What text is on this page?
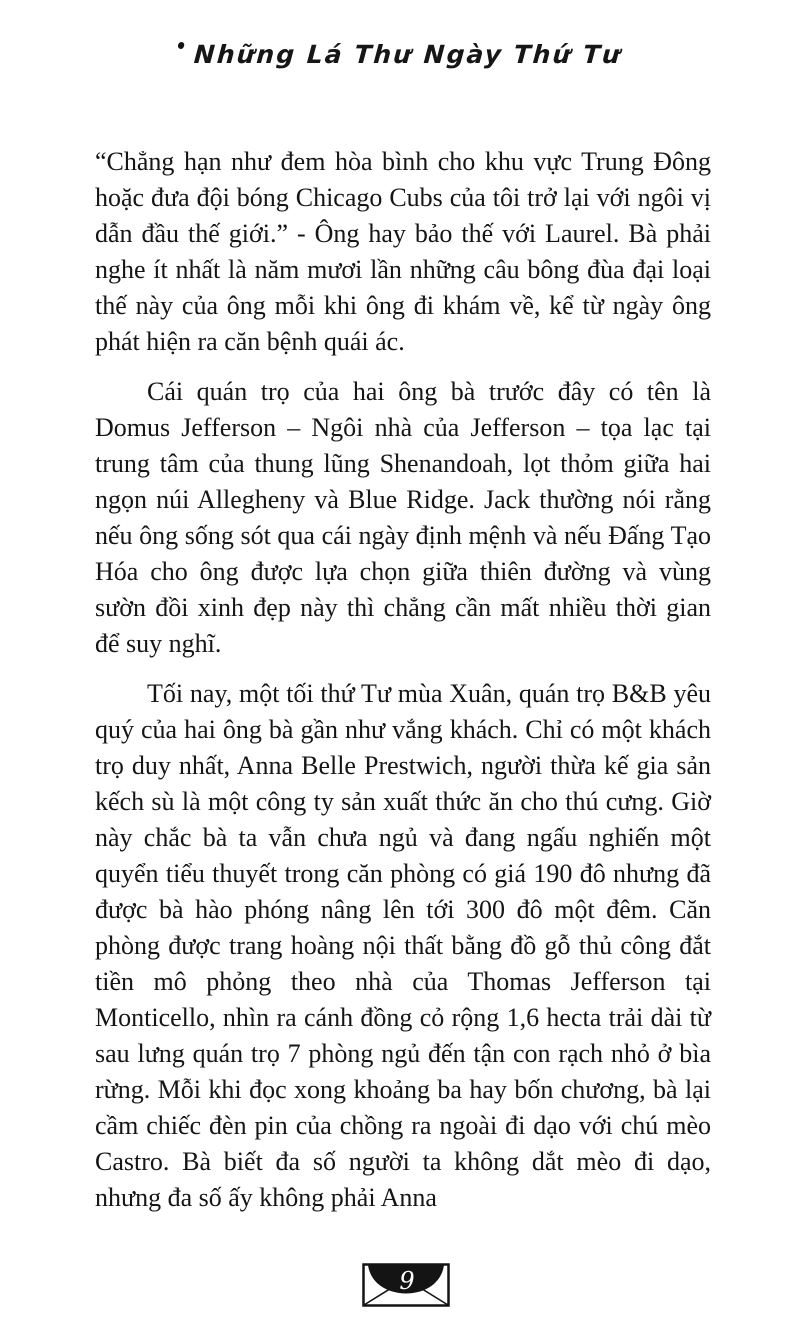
Những Lá Thư Ngày Thứ Tư

“Chẳng hạn như đem hòa bình cho khu vực Trung Đông hoặc đưa đội bóng Chicago Cubs của tôi trở lại với ngôi vị dẫn đầu thế giới.” - Ông hay bảo thế với Laurel. Bà phải nghe ít nhất là năm mươi lần những câu bông đùa đại loại thế này của ông mỗi khi ông đi khám về, kể từ ngày ông phát hiện ra căn bệnh quái ác.

Cái quán trọ của hai ông bà trước đây có tên là Domus Jefferson – Ngôi nhà của Jefferson – tọa lạc tại trung tâm của thung lũng Shenandoah, lọt thỏm giữa hai ngọn núi Allegheny và Blue Ridge. Jack thường nói rằng nếu ông sống sót qua cái ngày định mệnh và nếu Đấng Tạo Hóa cho ông được lựa chọn giữa thiên đường và vùng sườn đồi xinh đẹp này thì chẳng cần mất nhiều thời gian để suy nghĩ.

Tối nay, một tối thứ Tư mùa Xuân, quán trọ B&B yêu quý của hai ông bà gần như vắng khách. Chỉ có một khách trọ duy nhất, Anna Belle Prestwich, người thừa kế gia sản kếch sù là một công ty sản xuất thức ăn cho thú cưng. Giờ này chắc bà ta vẫn chưa ngủ và đang ngấu nghiến một quyển tiểu thuyết trong căn phòng có giá 190 đô nhưng đã được bà hào phóng nâng lên tới 300 đô một đêm. Căn phòng được trang hoàng nội thất bằng đồ gỗ thủ công đắt tiền mô phỏng theo nhà của Thomas Jefferson tại Monticello, nhìn ra cánh đồng cỏ rộng 1,6 hecta trải dài từ sau lưng quán trọ 7 phòng ngủ đến tận con rạch nhỏ ở bìa rừng. Mỗi khi đọc xong khoảng ba hay bốn chương, bà lại cầm chiếc đèn pin của chồng ra ngoài đi dạo với chú mèo Castro. Bà biết đa số người ta không dắt mèo đi dạo, nhưng đa số ấy không phải Anna

9
